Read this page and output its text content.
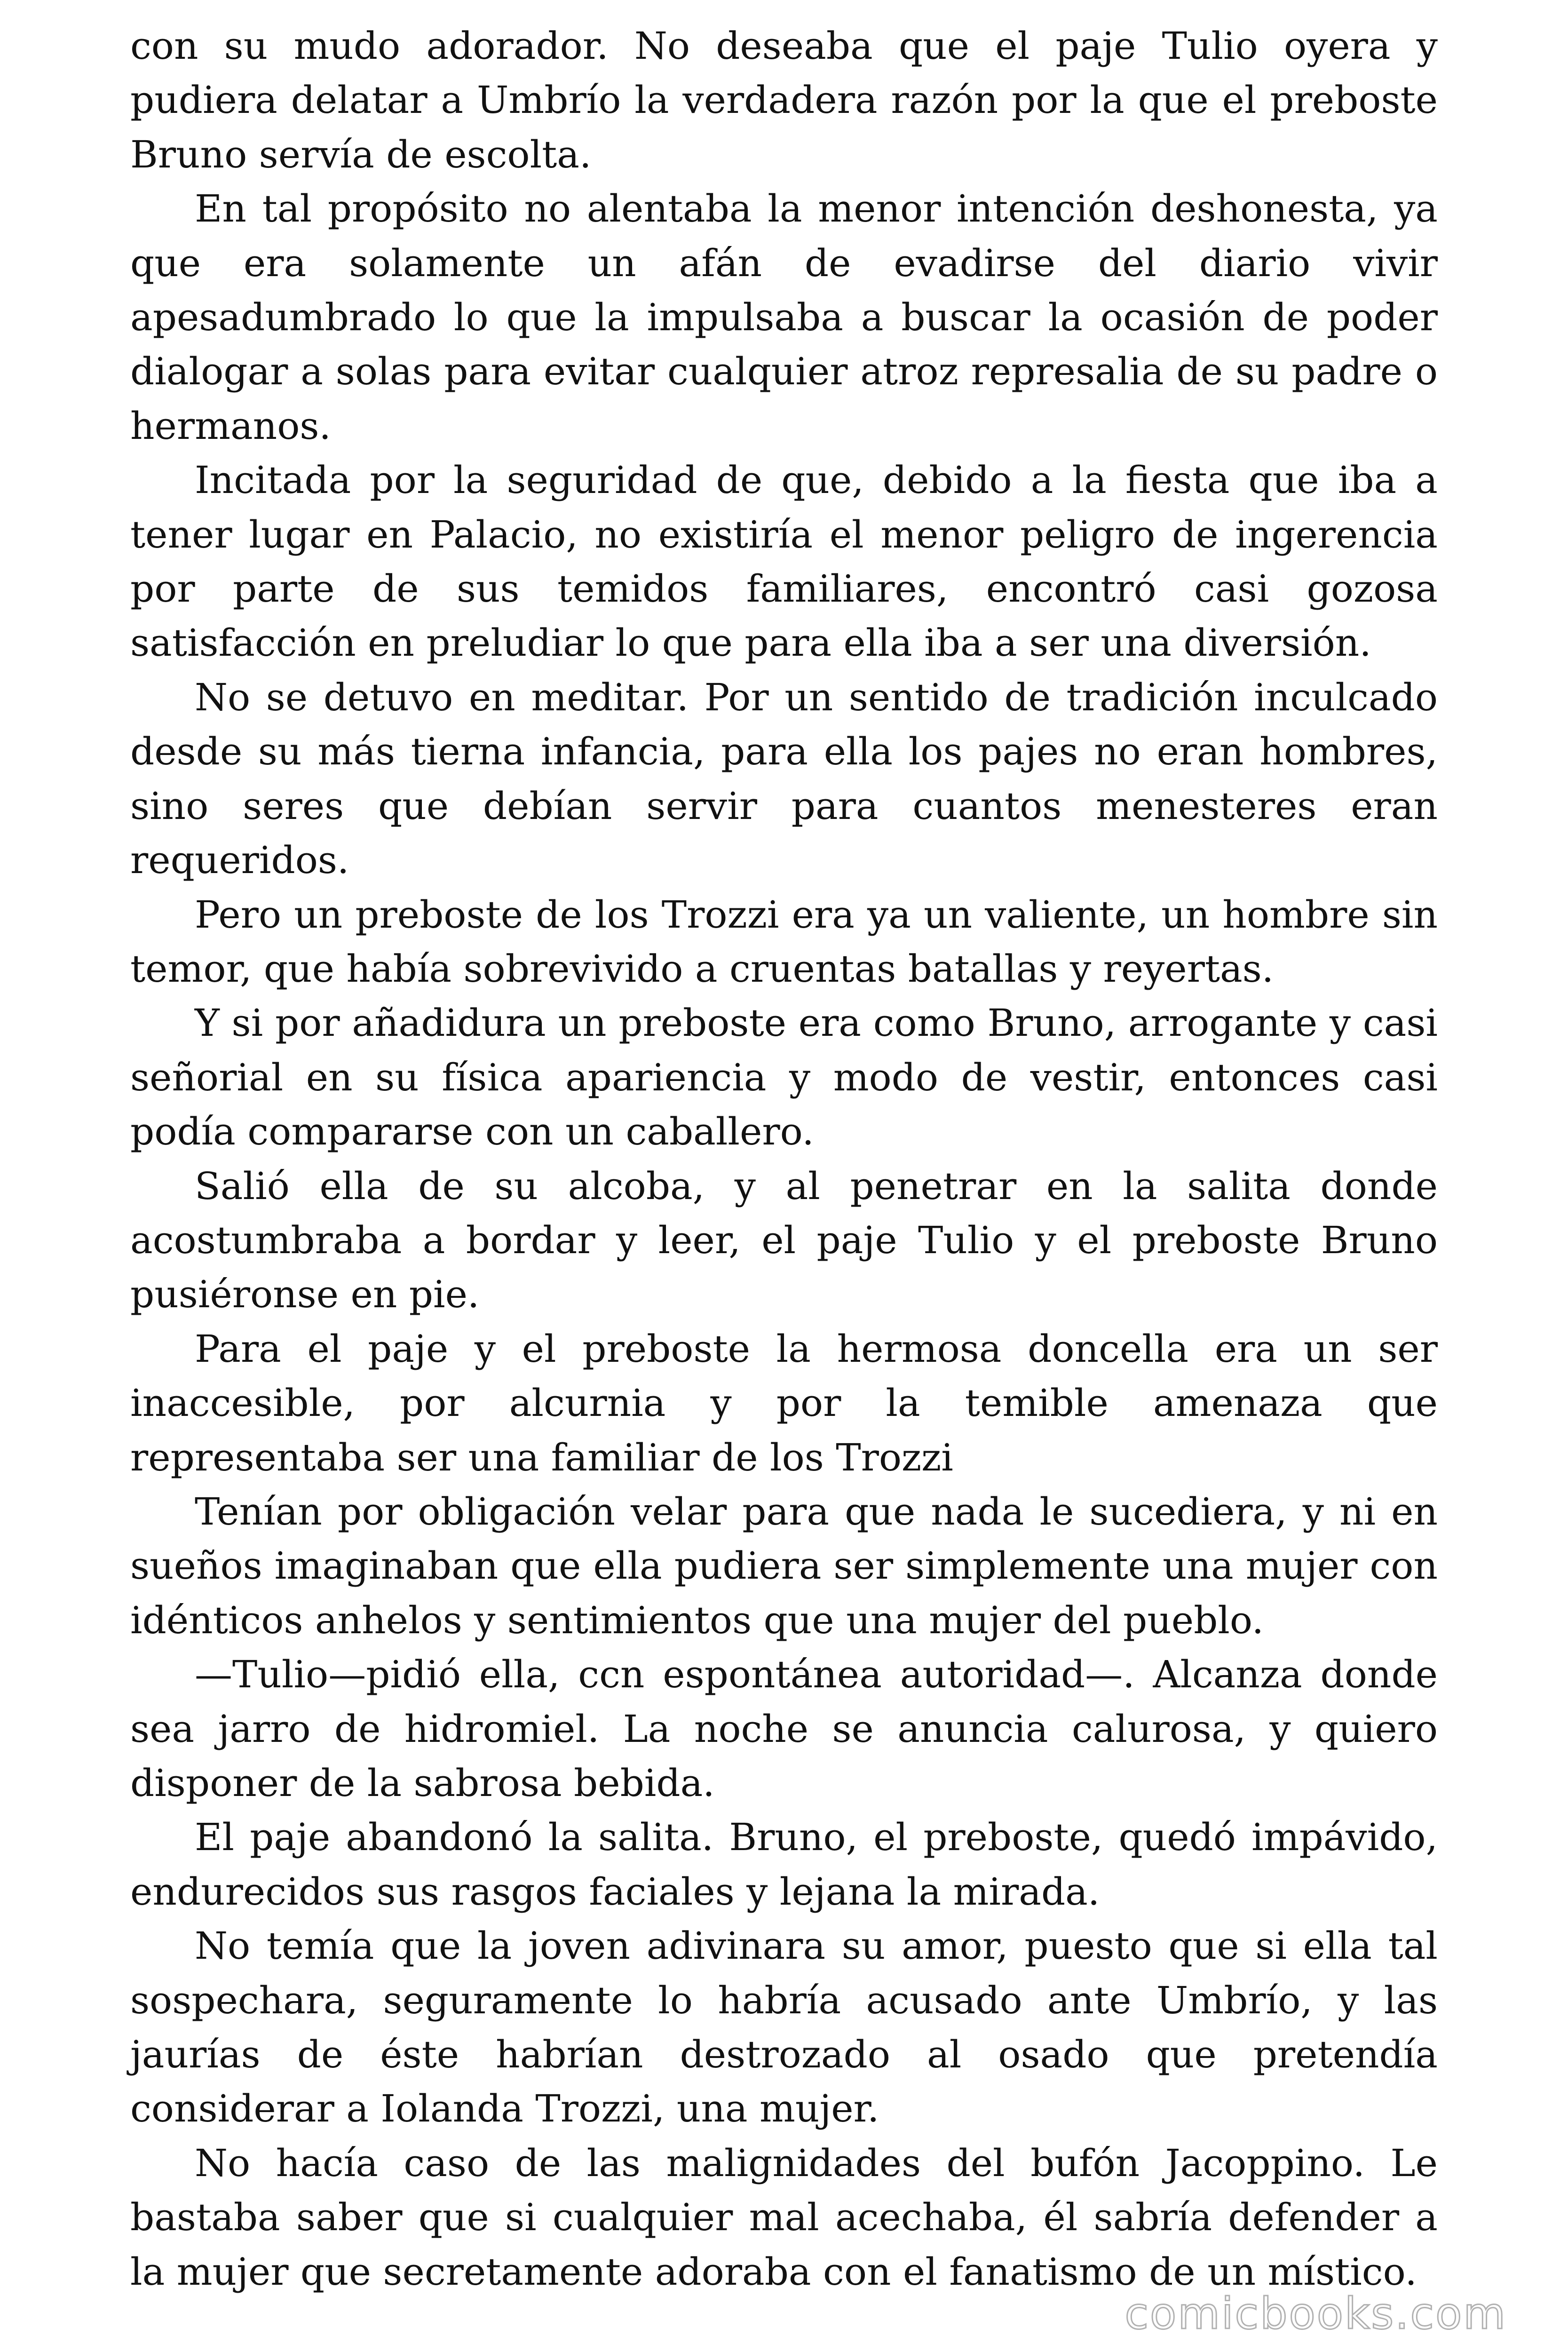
con su mudo adorador. No deseaba que el paje Tulio oyera y pudiera delatar a Umbrío la verdadera razón por la que el preboste Bruno servía de escolta.

En tal propósito no alentaba la menor intención deshonesta, ya que era solamente un afán de evadirse del diario vivir apesadumbrado lo que la impulsaba a buscar la ocasión de poder dialogar a solas para evitar cualquier atroz represalia de su padre o hermanos.

Incitada por la seguridad de que, debido a la fiesta que iba a tener lugar en Palacio, no existiría el menor peligro de ingerencia por parte de sus temidos familiares, encontró casi gozosa satisfacción en preludiar lo que para ella iba a ser una diversión.

No se detuvo en meditar. Por un sentido de tradición inculcado desde su más tierna infancia, para ella los pajes no eran hombres, sino seres que debían servir para cuantos menesteres eran requeridos.

Pero un preboste de los Trozzi era ya un valiente, un hombre sin temor, que había sobrevivido a cruentas batallas y reyertas.

Y si por añadidura un preboste era como Bruno, arrogante y casi señorial en su física apariencia y modo de vestir, entonces casi podía compararse con un caballero.

Salió ella de su alcoba, y al penetrar en la salita donde acostumbraba a bordar y leer, el paje Tulio y el preboste Bruno pusiéronse en pie.

Para el paje y el preboste la hermosa doncella era un ser inaccesible, por alcurnia y por la temible amenaza que representaba ser una familiar de los Trozzi

Tenían por obligación velar para que nada le sucediera, y ni en sueños imaginaban que ella pudiera ser simplemente una mujer con idénticos anhelos y sentimientos que una mujer del pueblo.

—Tulio—pidió ella, ccn espontánea autoridad—. Alcanza donde sea jarro de hidromiel. La noche se anuncia calurosa, y quiero disponer de la sabrosa bebida.

El paje abandonó la salita. Bruno, el preboste, quedó impávido, endurecidos sus rasgos faciales y lejana la mirada.

No temía que la joven adivinara su amor, puesto que si ella tal sospechara, seguramente lo habría acusado ante Umbrío, y las jaurías de éste habrían destrozado al osado que pretendía considerar a Iolanda Trozzi, una mujer.

No hacía caso de las malignidades del bufón Jacoppino. Le bastaba saber que si cualquier mal acechaba, él sabría defender a la mujer que secretamente adoraba con el fanatismo de un místico.

comicbooks.com
